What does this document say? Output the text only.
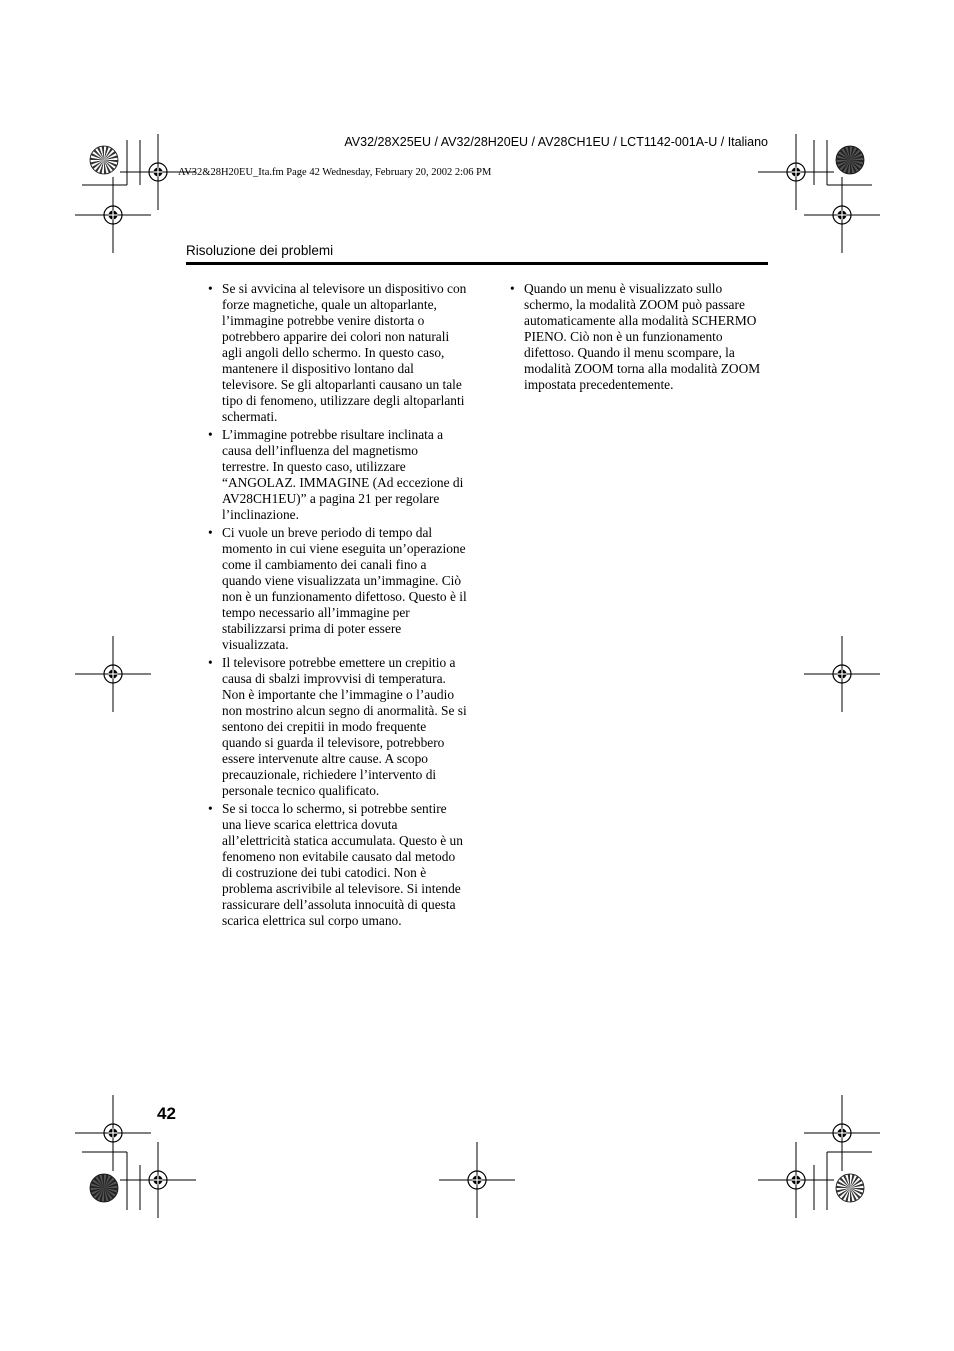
AV32/28X25EU / AV32/28H20EU / AV28CH1EU / LCT1142-001A-U / Italiano
AV32&28H20EU_Ita.fm Page 42 Wednesday, February 20, 2002 2:06 PM
Risoluzione dei problemi
• Se si avvicina al televisore un dispositivo con forze magnetiche, quale un altoparlante, l’immagine potrebbe venire distorta o potrebbero apparire dei colori non naturali agli angoli dello schermo. In questo caso, mantenere il dispositivo lontano dal televisore. Se gli altoparlanti causano un tale tipo di fenomeno, utilizzare degli altoparlanti schermati.
• L’immagine potrebbe risultare inclinata a causa dell’influenza del magnetismo terrestre. In questo caso, utilizzare “ANGOLAZ. IMMAGINE (Ad eccezione di AV28CH1EU)” a pagina 21 per regolare l’inclinazione.
• Ci vuole un breve periodo di tempo dal momento in cui viene eseguita un’operazione come il cambiamento dei canali fino a quando viene visualizzata un’immagine. Ciò non è un funzionamento difettoso. Questo è il tempo necessario all’immagine per stabilizzarsi prima di poter essere visualizzata.
• Il televisore potrebbe emettere un crepitio a causa di sbalzi improvvisi di temperatura. Non è importante che l’immagine o l’audio non mostrino alcun segno di anormalità. Se si sentono dei crepitii in modo frequente quando si guarda il televisore, potrebbero essere intervenute altre cause. A scopo precauzionale, richiedere l’intervento di personale tecnico qualificato.
• Se si tocca lo schermo, si potrebbe sentire una lieve scarica elettrica dovuta all’elettricità statica accumulata. Questo è un fenomeno non evitabile causato dal metodo di costruzione dei tubi catodici. Non è problema ascrivibile al televisore. Si intende rassicurare dell’assoluta innocuità di questa scarica elettrica sul corpo umano.
• Quando un menu è visualizzato sullo schermo, la modalità ZOOM può passare automaticamente alla modalità SCHERMO PIENO. Ciò non è un funzionamento difettoso. Quando il menu scompare, la modalità ZOOM torna alla modalità ZOOM impostata precedentemente.
42
